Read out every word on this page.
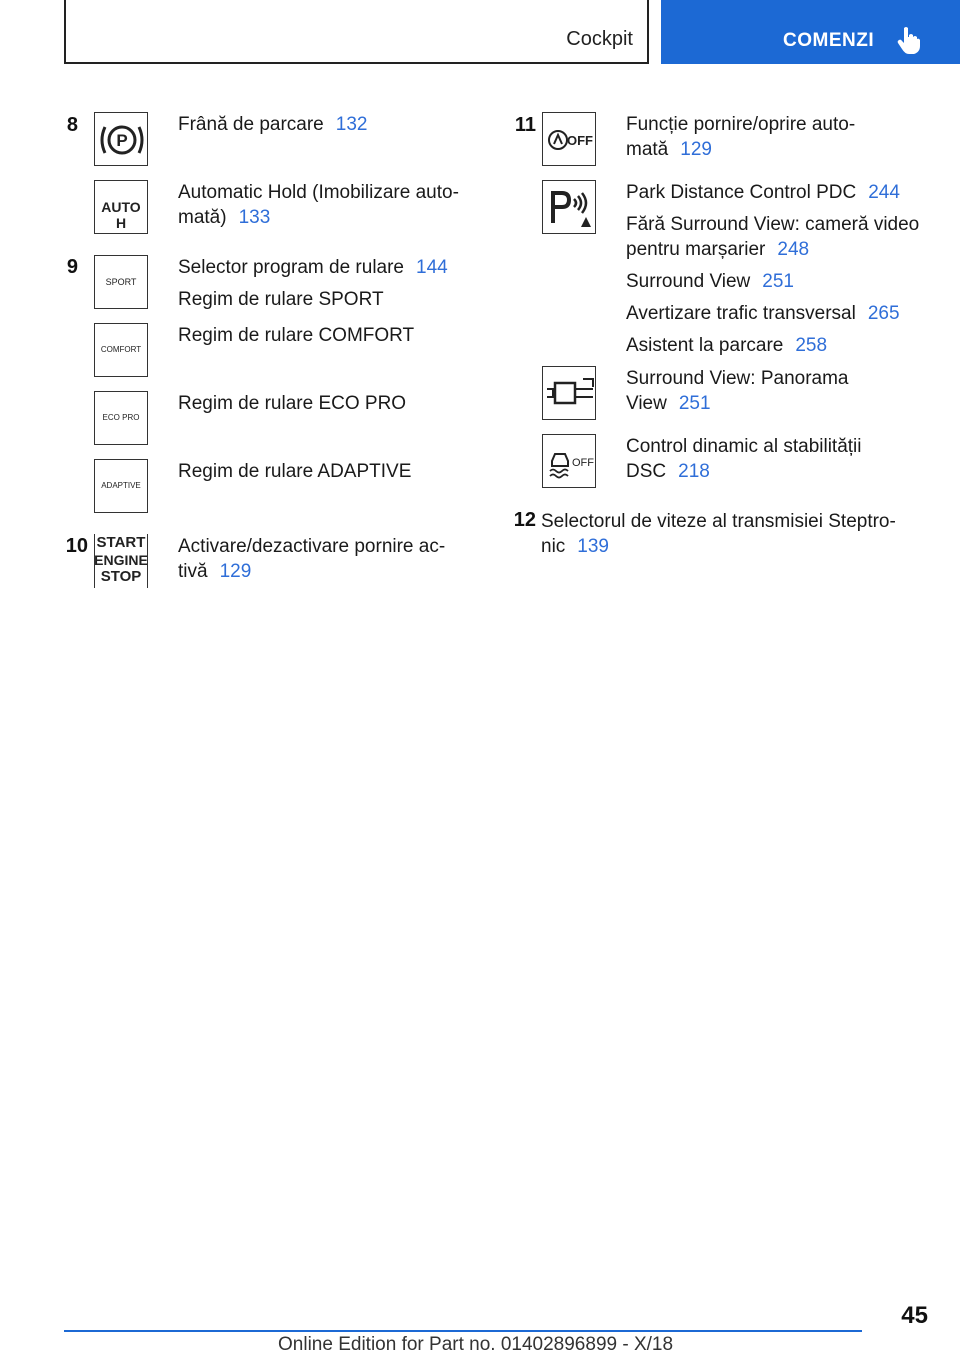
Cockpit	COMENZI
8
P
Frână de parcare 132
AUTO H
Automatic Hold (Imobilizare auto‐
mată) 133
9
SPORT
Selector program de rulare 144
Regim de rulare SPORT
COMFORT
Regim de rulare COMFORT
ECO PRO
Regim de rulare ECO PRO
ADAPTIVE
Regim de rulare ADAPTIVE
10 START
ENGINE
STOP
Activare/dezactivare pornire ac‐
tivă 129
11
OFF
Funcție pornire/oprire auto‐
mată 129
Park Distance Control PDC 244
Fără Surround View: cameră video
pentru marșarier 248
Surround View 251
Avertizare trafic transversal 265
Asistent la parcare 258
Surround View: Panorama
View 251
OFF
Control dinamic al stabilității
DSC 218
12 Selectorul de viteze al transmisiei Steptro‐
nic 139
45
Online Edition for Part no. 01402896899 - X/18
